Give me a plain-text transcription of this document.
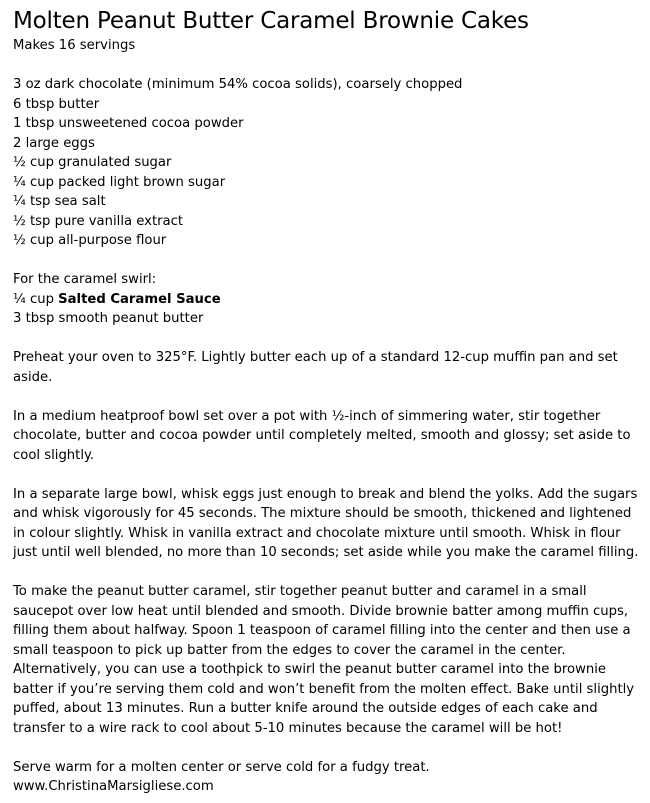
Molten Peanut Butter Caramel Brownie Cakes
Makes 16 servings
3 oz dark chocolate (minimum 54% cocoa solids), coarsely chopped
6 tbsp butter
1 tbsp unsweetened cocoa powder
2 large eggs
½ cup granulated sugar
¼ cup packed light brown sugar
¼ tsp sea salt
½ tsp pure vanilla extract
½ cup all-purpose flour
For the caramel swirl:
¼ cup Salted Caramel Sauce
3 tbsp smooth peanut butter
Preheat your oven to 325°F. Lightly butter each up of a standard 12-cup muffin pan and set aside.
In a medium heatproof bowl set over a pot with ½-inch of simmering water, stir together chocolate, butter and cocoa powder until completely melted, smooth and glossy; set aside to cool slightly.
In a separate large bowl, whisk eggs just enough to break and blend the yolks. Add the sugars and whisk vigorously for 45 seconds. The mixture should be smooth, thickened and lightened in colour slightly. Whisk in vanilla extract and chocolate mixture until smooth. Whisk in flour just until well blended, no more than 10 seconds; set aside while you make the caramel filling.
To make the peanut butter caramel, stir together peanut butter and caramel in a small saucepot over low heat until blended and smooth. Divide brownie batter among muffin cups, filling them about halfway. Spoon 1 teaspoon of caramel filling into the center and then use a small teaspoon to pick up batter from the edges to cover the caramel in the center. Alternatively, you can use a toothpick to swirl the peanut butter caramel into the brownie batter if you’re serving them cold and won’t benefit from the molten effect. Bake until slightly puffed, about 13 minutes. Run a butter knife around the outside edges of each cake and transfer to a wire rack to cool about 5-10 minutes because the caramel will be hot!
Serve warm for a molten center or serve cold for a fudgy treat.
www.ChristinaMarsigliese.com
